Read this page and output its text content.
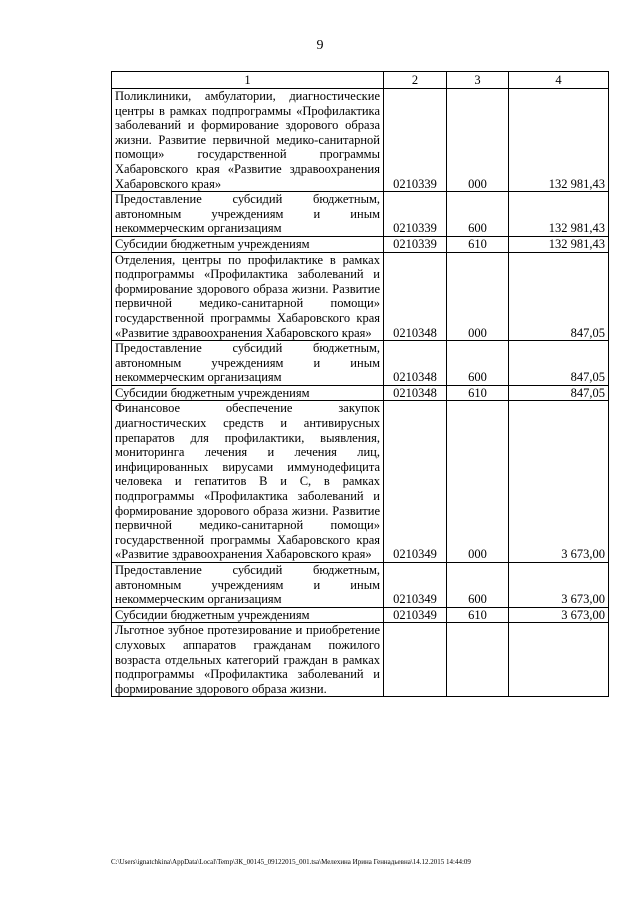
9
1	2	3	4
Поликлиники, амбулатории, диагностические центры в рамках подпрограммы «Профилактика заболеваний и формирование здорового образа жизни. Развитие первичной медико-санитарной помощи» государственной программы Хабаровского края «Развитие здравоохранения Хабаровского края»	0210339	000	132 981,43
Предоставление субсидий бюджетным, автономным учреждениям и иным некоммерческим организациям	0210339	600	132 981,43
Субсидии бюджетным учреждениям	0210339	610	132 981,43
Отделения, центры по профилактике в рамках подпрограммы «Профилактика заболеваний и формирование здорового образа жизни. Развитие первичной медико-санитарной помощи» государственной программы Хабаровского края «Развитие здравоохранения Хабаровского края»	0210348	000	847,05
Предоставление субсидий бюджетным, автономным учреждениям и иным некоммерческим организациям	0210348	600	847,05
Субсидии бюджетным учреждениям	0210348	610	847,05
Финансовое обеспечение закупок диагностических средств и антивирусных препаратов для профилактики, выявления, мониторинга лечения и лечения лиц, инфицированных вирусами иммунодефицита человека и гепатитов В и С, в рамках подпрограммы «Профилактика заболеваний и формирование здорового образа жизни. Развитие первичной медико-санитарной помощи» государственной программы Хабаровского края «Развитие здравоохранения Хабаровского края»	0210349	000	3 673,00
Предоставление субсидий бюджетным, автономным учреждениям и иным некоммерческим организациям	0210349	600	3 673,00
Субсидии бюджетным учреждениям	0210349	610	3 673,00
Льготное зубное протезирование и приобретение слуховых аппаратов гражданам пожилого возраста отдельных категорий граждан в рамках подпрограммы «Профилактика заболеваний и формирование здорового образа жизни.			
C:\Users\ignatchkina\AppData\Local\Temp\ЗК_00145_09122015_001.tsa\Мелехина Ирина Геннадьевна\14.12.2015 14:44:09
